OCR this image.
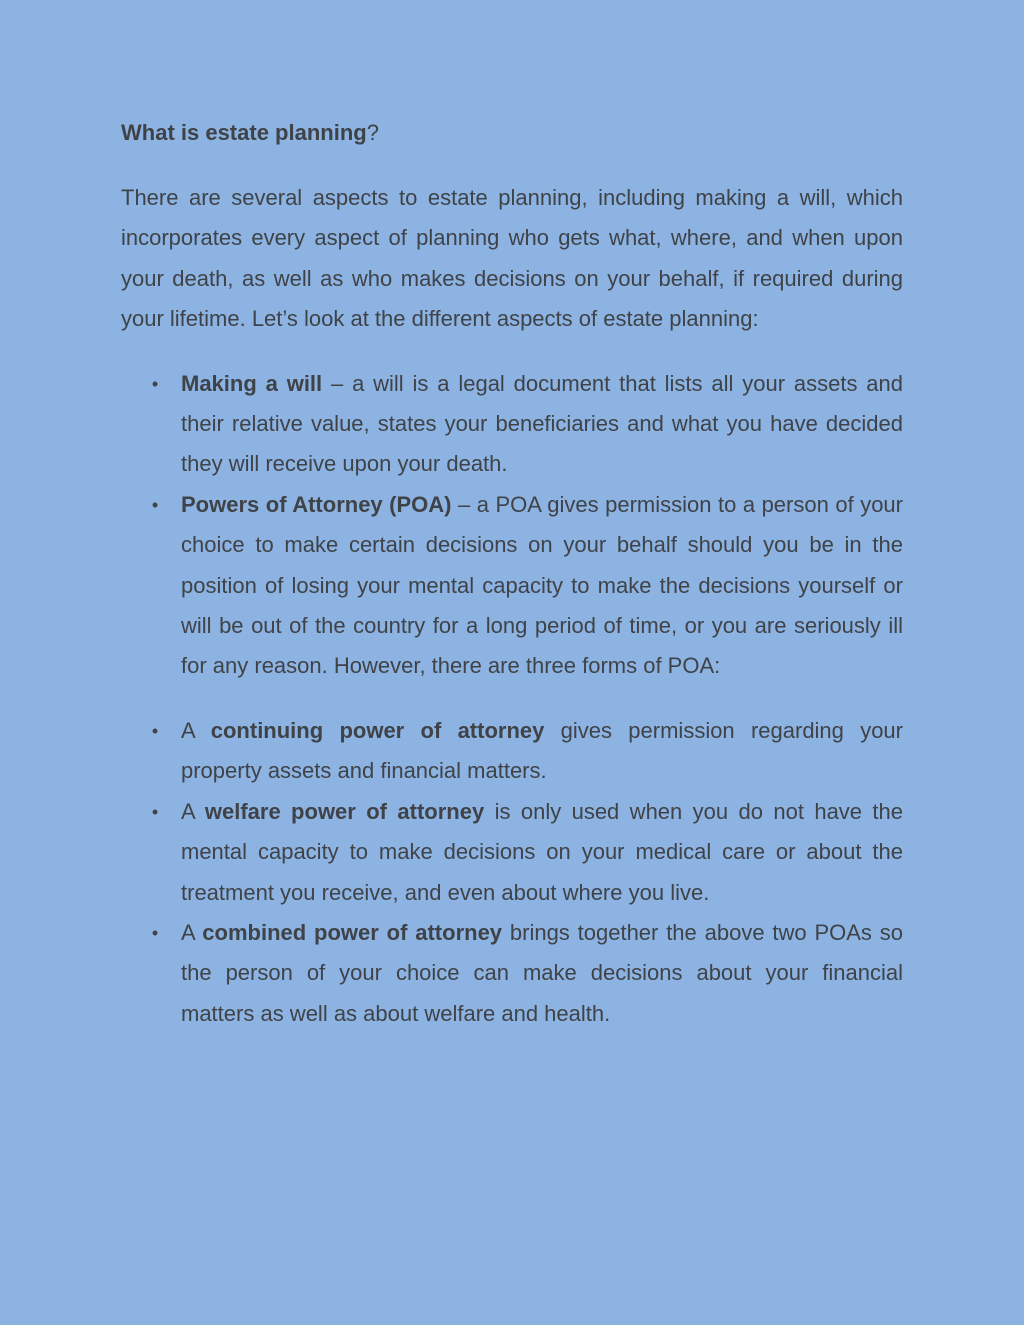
What is estate planning?

There are several aspects to estate planning, including making a will, which incorporates every aspect of planning who gets what, where, and when upon your death, as well as who makes decisions on your behalf, if required during your lifetime. Let’s look at the different aspects of estate planning:

• Making a will – a will is a legal document that lists all your assets and their relative value, states your beneficiaries and what you have decided they will receive upon your death.
• Powers of Attorney (POA) – a POA gives permission to a person of your choice to make certain decisions on your behalf should you be in the position of losing your mental capacity to make the decisions yourself or will be out of the country for a long period of time, or you are seriously ill for any reason. However, there are three forms of POA:
• A continuing power of attorney gives permission regarding your property assets and financial matters.
• A welfare power of attorney is only used when you do not have the mental capacity to make decisions on your medical care or about the treatment you receive, and even about where you live.
• A combined power of attorney brings together the above two POAs so the person of your choice can make decisions about your financial matters as well as about welfare and health.
